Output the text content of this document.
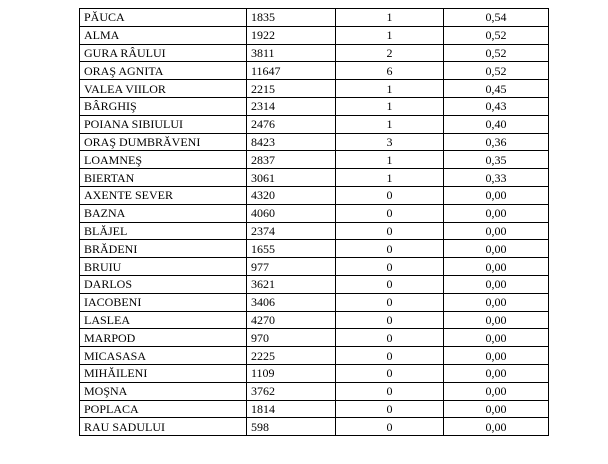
PĂUCA	1835	1	0,54
ALMA	1922	1	0,52
GURA RÂULUI	3811	2	0,52
ORAŞ AGNITA	11647	6	0,52
VALEA VIILOR	2215	1	0,45
BÂRGHIŞ	2314	1	0,43
POIANA SIBIULUI	2476	1	0,40
ORAŞ DUMBRĂVENI	8423	3	0,36
LOAMNEŞ	2837	1	0,35
BIERTAN	3061	1	0,33
AXENTE SEVER	4320	0	0,00
BAZNA	4060	0	0,00
BLĂJEL	2374	0	0,00
BRĂDENI	1655	0	0,00
BRUIU	977	0	0,00
DARLOS	3621	0	0,00
IACOBENI	3406	0	0,00
LASLEA	4270	0	0,00
MARPOD	970	0	0,00
MICASASA	2225	0	0,00
MIHĂILENI	1109	0	0,00
MOŞNA	3762	0	0,00
POPLACA	1814	0	0,00
RAU SADULUI	598	0	0,00
